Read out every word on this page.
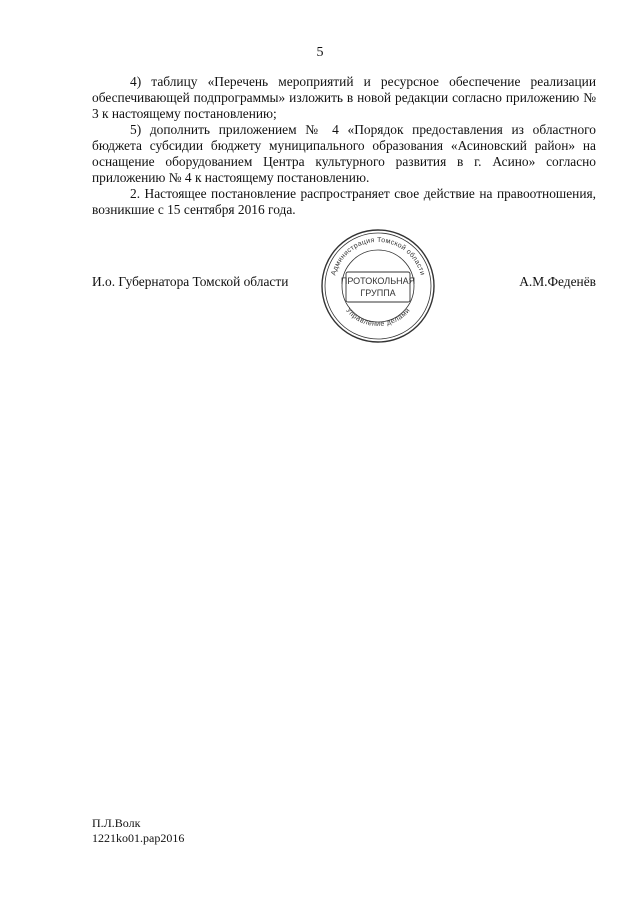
5

4) таблицу «Перечень мероприятий и ресурсное обеспечение реализации обеспечивающей подпрограммы» изложить в новой редакции согласно приложению № 3 к настоящему постановлению;

5) дополнить приложением № 4 «Порядок предоставления из областного бюджета субсидии бюджету муниципального образования «Асиновский район» на оснащение оборудованием Центра культурного развития в г. Асино» согласно приложению № 4 к настоящему постановлению.

2. Настоящее постановление распространяет свое действие на правоотношения, возникшие с 15 сентября 2016 года.

И.о. Губернатора Томской области	А.М.Феденёв
Администрация Томской области
Управление делами
ПРОТОКОЛЬНАЯ
ГРУППА
П.Л.Волк
1221ko01.pap2016
